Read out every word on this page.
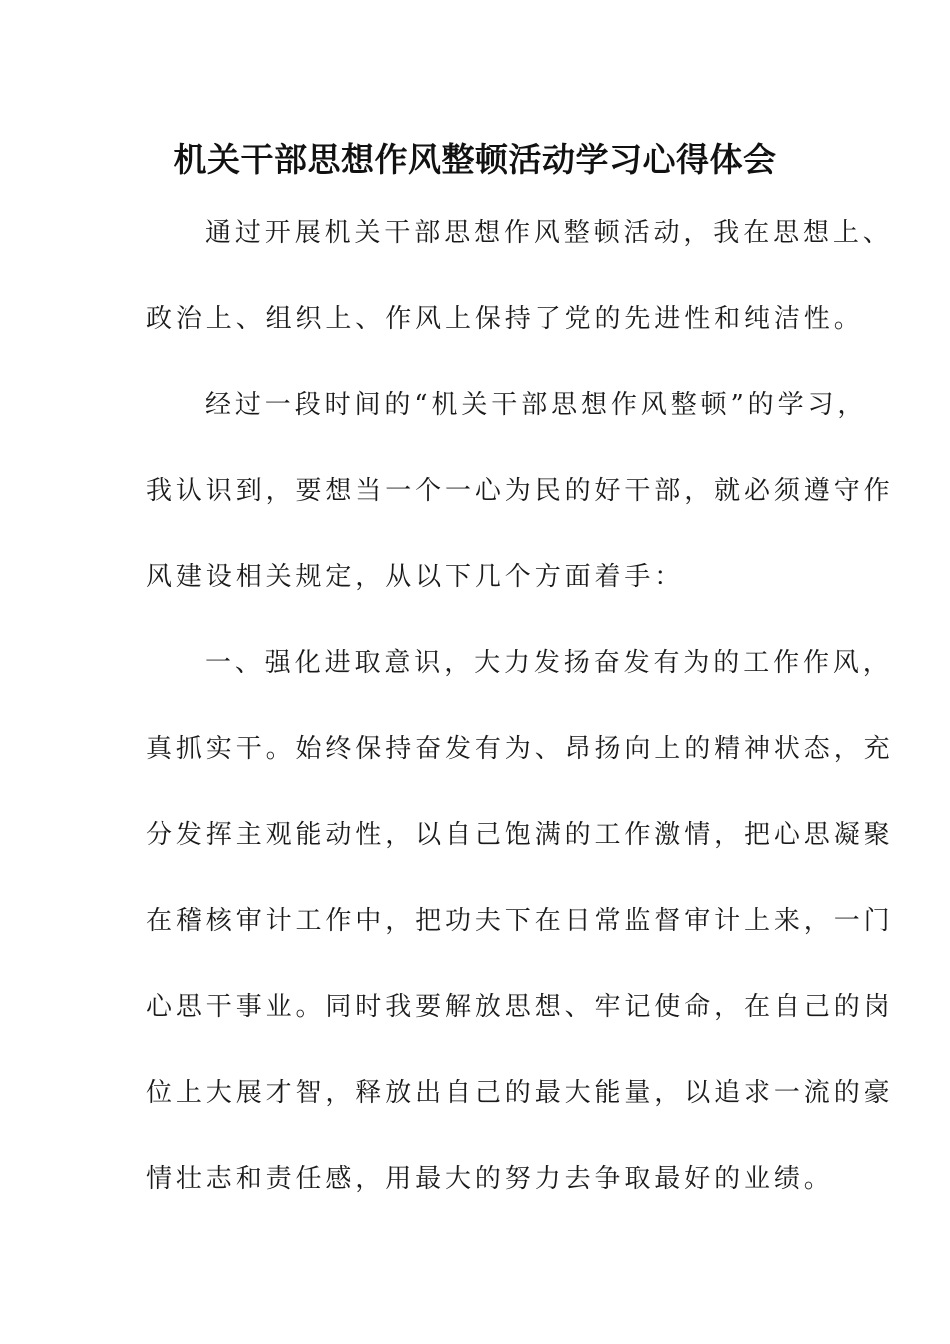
机关干部思想作风整顿活动学习心得体会
通过开展机关干部思想作风整顿活动，我在思想上、
政治上、组织上、作风上保持了党的先进性和纯洁性。
经过一段时间的“机关干部思想作风整顿”的学习，
我认识到，要想当一个一心为民的好干部，就必须遵守作
风建设相关规定，从以下几个方面着手：
一、强化进取意识，大力发扬奋发有为的工作作风，
真抓实干。始终保持奋发有为、昂扬向上的精神状态，充
分发挥主观能动性，以自己饱满的工作激情，把心思凝聚
在稽核审计工作中，把功夫下在日常监督审计上来，一门
心思干事业。同时我要解放思想、牢记使命，在自己的岗
位上大展才智，释放出自己的最大能量，以追求一流的豪
情壮志和责任感，用最大的努力去争取最好的业绩。
